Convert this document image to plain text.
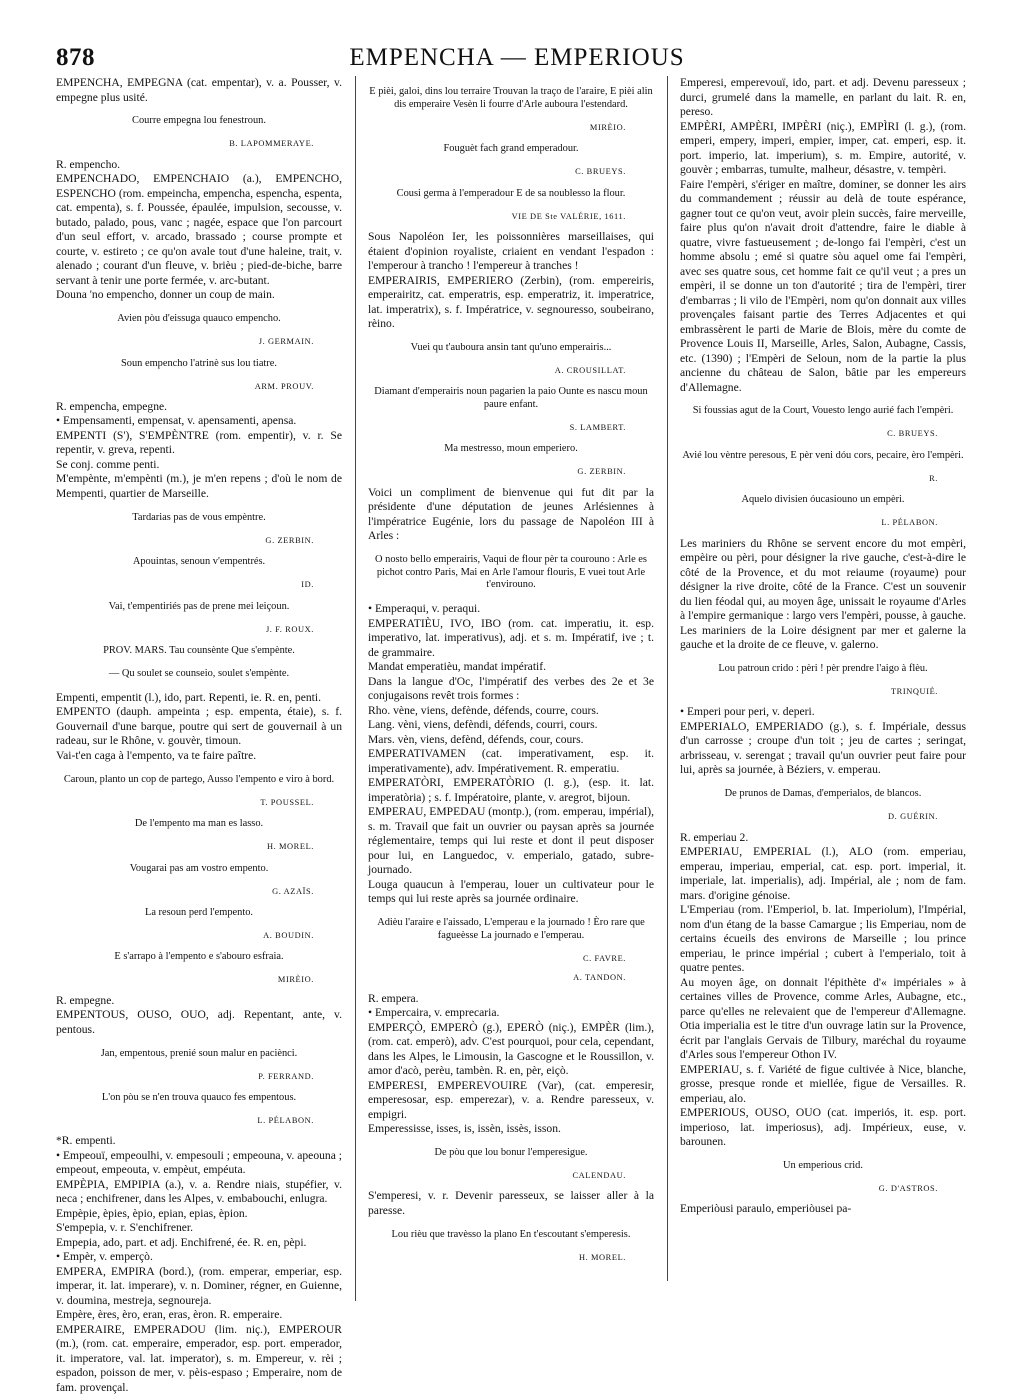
878	EMPENCHA — EMPERIOUS

EMPENCHA, EMPEGNA (cat. empentar), v. a. Pousser, v. empegne plus usité.

Courre empegna lou fenestroun.

B. LAPOMMERAYE.

R. empencho.

EMPENCHADO, EMPENCHAIO (a.), EMPENCHO, ESPENCHO (rom. empeincha, empencha, espencha, espenta, cat. empenta), s. f. Poussée, épaulée, impulsion, secousse, v. butado, palado, pous, vanc ; nagée, espace que l'on parcourt d'un seul effort, v. arcado, brassado ; course prompte et courte, v. estireto ; ce qu'on avale tout d'une haleine, trait, v. alenado ; courant d'un fleuve, v. brièu ; pied-de-biche, barre servant à tenir une porte fermée, v. arc-butant.

Douna 'no empencho, donner un coup de main.

Avien pòu d'eissuga quauco empencho.

J. GERMAIN.

Soun empencho l'atrinè sus lou tiatre.

ARM. PROUV.

R. empencha, empegne.

• Empensamenti, empensat, v. apensamenti, apensa.

EMPENTI (S'), S'EMPÈNTRE (rom. empentir), v. r. Se repentir, v. greva, repenti.

Se conj. comme penti.

M'empènte, m'empènti (m.), je m'en repens ; d'où le nom de Mempenti, quartier de Marseille.

Tardarias pas de vous empèntre.

G. ZERBIN.

Apouintas, senoun v'empentrés.

ID.

Vai, t'empentiriés pas de prene mei leiçoun.

J. F. ROUX.

PROV. MARS. Tau counsènte Que s'empènte.

— Qu soulet se counseio, soulet s'empènte.

Empenti, empentit (l.), ido, part. Repenti, ie. R. en, penti.

EMPENTO (dauph. ampeinta ; esp. empenta, étaie), s. f. Gouvernail d'une barque, poutre qui sert de gouvernail à un radeau, sur le Rhône, v. gouvèr, timoun.

Vai-t'en caga à l'empento, va te faire paître.

Caroun, planto un cop de partego, Ausso l'empento e viro à bord.

T. POUSSEL.

De l'empento ma man es lasso.

H. MOREL.

Vougarai pas am vostro empento.

G. AZAÏS.

La resoun perd l'empento.

A. BOUDIN.

E s'arrapo à l'empento e s'abouro esfraia.

MIRÈIO.

R. empegne.

EMPENTOUS, OUSO, OUO, adj. Repentant, ante, v. pentous.

Jan, empentous, prenié soun malur en paciènci.

P. FERRAND.

L'on pòu se n'en trouva quauco fes empentous.

L. PÉLABON.

*R. empenti.

• Empeouï, empeoulhi, v. empesouli ; empeouna, v. apeouna ; empeout, empeouta, v. empèut, empéuta.

EMPÈPIA, EMPIPIA (a.), v. a. Rendre niais, stupéfier, v. neca ; enchifrener, dans les Alpes, v. embabouchi, enlugra.

Empèpie, èpies, èpio, epian, epias, èpion.

S'empepia, v. r. S'enchifrener.

Empepia, ado, part. et adj. Enchifrené, ée. R. en, pèpi.

• Empèr, v. emperçò.

EMPERA, EMPIRA (bord.), (rom. emperar, emperiar, esp. imperar, it. lat. imperare), v. n. Dominer, régner, en Guienne, v. doumina, mestreja, segnoureja.

Empère, ères, èro, eran, eras, èron. R. emperaire.

EMPERAIRE, EMPERADOU (lim. niç.), EMPEROUR (m.), (rom. cat. emperaire, emperador, esp. port. emperador, it. imperatore, val. lat. imperator), s. m. Empereur, v. rèi ; espadon, poisson de mer, v. pèis-espaso ; Emperaire, nom de fam. provençal.

E pièi, galoi, dins lou terraire Trouvan la traço de l'araire, E pièi alin dis emperaire Vesèn li fourre d'Arle auboura l'estendard.

MIRÈIO.

Fouguèt fach grand emperadour.

C. BRUEYS.

Cousi germa à l'emperadour E de sa noublesso la flour.

VIE DE Ste VALÉRIE, 1611.

Sous Napoléon Ier, les poissonnières marseillaises, qui étaient d'opinion royaliste, criaient en vendant l'espadon : l'emperour à trancho ! l'empereur à tranches !

EMPERAIRIS, EMPERIERO (Zerbin), (rom. empereiris, emperairitz, cat. emperatris, esp. emperatriz, it. imperatrice, lat. imperatrix), s. f. Impératrice, v. segnouresso, soubeirano, rèino.

Vuei qu t'auboura ansin tant qu'uno emperairis...

A. CROUSILLAT.

Diamant d'emperairis noun pagarien la paio Ounte es nascu moun paure enfant.

S. LAMBERT.

Ma mestresso, moun emperiero.

G. ZERBIN.

Voici un compliment de bienvenue qui fut dit par la présidente d'une députation de jeunes Arlésiennes à l'impératrice Eugénie, lors du passage de Napoléon III à Arles :

O nosto bello emperairis, Vaqui de flour pèr ta courouno : Arle es pichot contro Paris, Mai en Arle l'amour flouris, E vuei tout Arle t'envirouno.

• Emperaqui, v. peraqui.

EMPERATIÈU, IVO, IBO (rom. cat. imperatiu, it. esp. imperativo, lat. imperativus), adj. et s. m. Impératif, ive ; t. de grammaire.

Mandat emperatièu, mandat impératif.

Dans la langue d'Oc, l'impératif des verbes des 2e et 3e conjugaisons revêt trois formes :

Rho. vène, viens, defènde, défends, courre, cours.

Lang. vèni, viens, defèndi, défends, courri, cours.

Mars. vèn, viens, defènd, défends, cour, cours.

EMPERATIVAMEN (cat. imperativament, esp. it. imperativamente), adv. Impérativement. R. emperatiu.

EMPERATÒRI, EMPERATÒRIO (l. g.), (esp. it. lat. imperatòria) ; s. f. Impératoire, plante, v. aregrot, bijoun.

EMPERAU, EMPEDAU (montp.), (rom. emperau, impérial), s. m. Travail que fait un ouvrier ou paysan après sa journée réglementaire, temps qui lui reste et dont il peut disposer pour lui, en Languedoc, v. emperialo, gatado, subre-journado.

Louga quaucun à l'emperau, louer un cultivateur pour le temps qui lui reste après sa journée ordinaire.

Adièu l'araire e l'aissado, L'emperau e la journado ! Èro rare que fagueèsse La journado e l'emperau.

C. FAVRE.

A. TANDON.

R. empera.

• Empercaira, v. emprecaria.

EMPERÇÒ, EMPERÒ (g.), EPERÒ (niç.), EMPÈR (lim.), (rom. cat. emperò), adv. C'est pourquoi, pour cela, cependant, dans les Alpes, le Limousin, la Gascogne et le Roussillon, v. amor d'acò, perèu, tambèn. R. en, pèr, eiçò.

EMPERESI, EMPEREVOUIRE (Var), (cat. emperesir, emperesosar, esp. emperezar), v. a. Rendre paresseux, v. empigri.

Emperessisse, isses, is, issèn, issès, isson.

De pòu que lou bonur l'emperesigue.

CALENDAU.

S'emperesi, v. r. Devenir paresseux, se laisser aller à la paresse.

Lou rièu que travèsso la plano En t'escoutant s'emperesis.

H. MOREL.

Emperesi, emperevouï, ido, part. et adj. Devenu paresseux ; durci, grumelé dans la mamelle, en parlant du lait. R. en, pereso.

EMPÈRI, AMPÈRI, IMPÈRI (niç.), EMPÌRI (l. g.), (rom. emperi, empery, imperi, empier, imper, cat. emperi, esp. it. port. imperio, lat. imperium), s. m. Empire, autorité, v. gouvèr ; embarras, tumulte, malheur, désastre, v. tempèri.

Faire l'empèri, s'ériger en maître, dominer, se donner les airs du commandement ; réussir au delà de toute espérance, gagner tout ce qu'on veut, avoir plein succès, faire merveille, faire plus qu'on n'avait droit d'attendre, faire le diable à quatre, vivre fastueusement ; de-longo fai l'empèri, c'est un homme absolu ; emé si quatre sòu aquel ome fai l'empèri, avec ses quatre sous, cet homme fait ce qu'il veut ; a pres un empèri, il se donne un ton d'autorité ; tira de l'empèri, tirer d'embarras ; li vilo de l'Empèri, nom qu'on donnait aux villes provençales faisant partie des Terres Adjacentes et qui embrassèrent le parti de Marie de Blois, mère du comte de Provence Louis II, Marseille, Arles, Salon, Aubagne, Cassis, etc. (1390) ; l'Empèri de Seloun, nom de la partie la plus ancienne du château de Salon, bâtie par les empereurs d'Allemagne.

Si foussias agut de la Court, Vouesto lengo aurié fach l'empèri.

C. BRUEYS.

Avié lou vèntre peresous, E pèr veni dóu cors, pecaire, èro l'empèri.

R.

Aquelo divisien óucasiouno un empèri.

L. PÉLABON.

Les mariniers du Rhône se servent encore du mot empèri, empèire ou pèri, pour désigner la rive gauche, c'est-à-dire le côté de la Provence, et du mot reiaume (royaume) pour désigner la rive droite, côté de la France. C'est un souvenir du lien féodal qui, au moyen âge, unissait le royaume d'Arles à l'empire germanique : largo vers l'empèri, pousse, à gauche. Les mariniers de la Loire désignent par mer et galerne la gauche et la droite de ce fleuve, v. galerno.

Lou patroun crido : pèri ! pèr prendre l'aigo à flèu.

TRINQUIÉ.

• Emperi pour peri, v. deperi.

EMPERIALO, EMPERIADO (g.), s. f. Impériale, dessus d'un carrosse ; croupe d'un toit ; jeu de cartes ; seringat, arbrisseau, v. serengat ; travail qu'un ouvrier peut faire pour lui, après sa journée, à Béziers, v. emperau.

De prunos de Damas, d'emperialos, de blancos.

D. GUÉRIN.

R. emperiau 2.

EMPERIAU, EMPERIAL (l.), ALO (rom. emperiau, emperau, imperiau, emperial, cat. esp. port. imperial, it. imperiale, lat. imperialis), adj. Impérial, ale ; nom de fam. mars. d'origine génoise.

L'Emperiau (rom. l'Emperiol, b. lat. Imperiolum), l'Impérial, nom d'un étang de la basse Camargue ; lis Emperiau, nom de certains écueils des environs de Marseille ; lou prince emperiau, le prince impérial ; cubert à l'emperialo, toit à quatre pentes.

Au moyen âge, on donnait l'épithète d'« impériales » à certaines villes de Provence, comme Arles, Aubagne, etc., parce qu'elles ne relevaient que de l'empereur d'Allemagne. Otia imperialia est le titre d'un ouvrage latin sur la Provence, écrit par l'anglais Gervais de Tilbury, maréchal du royaume d'Arles sous l'empereur Othon IV.

EMPERIAU, s. f. Variété de figue cultivée à Nice, blanche, grosse, presque ronde et miellée, figue de Versailles. R. emperiau, alo.

EMPERIOUS, OUSO, OUO (cat. imperiós, it. esp. port. imperioso, lat. imperiosus), adj. Impérieux, euse, v. barounen.

Un emperious crid.

G. D'ASTROS.

Emperiòusi paraulo, emperiòusei pa-
